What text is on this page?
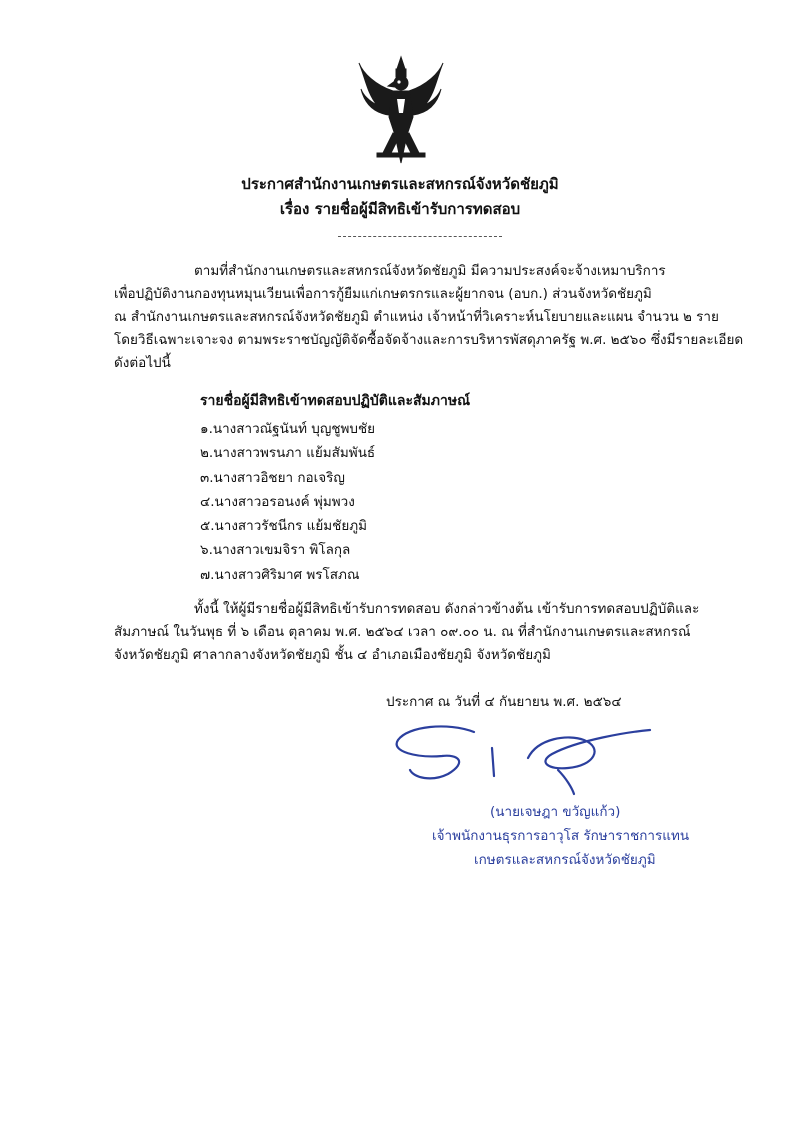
ประกาศสำนักงานเกษตรและสหกรณ์จังหวัดชัยภูมิ
เรื่อง รายชื่อผู้มีสิทธิเข้ารับการทดสอบ
ตามที่สำนักงานเกษตรและสหกรณ์จังหวัดชัยภูมิ มีความประสงค์จะจ้างเหมาบริการ
เพื่อปฏิบัติงานกองทุนหมุนเวียนเพื่อการกู้ยืมแก่เกษตรกรและผู้ยากจน (อบก.) ส่วนจังหวัดชัยภูมิ
ณ สำนักงานเกษตรและสหกรณ์จังหวัดชัยภูมิ ตำแหน่ง เจ้าหน้าที่วิเคราะห์นโยบายและแผน จำนวน ๒ ราย
โดยวิธีเฉพาะเจาะจง ตามพระราชบัญญัติจัดซื้อจัดจ้างและการบริหารพัสดุภาครัฐ พ.ศ. ๒๕๖๐ ซึ่งมีรายละเอียด
ดังต่อไปนี้
รายชื่อผู้มีสิทธิเข้าทดสอบปฏิบัติและสัมภาษณ์
๑.นางสาวณัฐนันท์ บุญชูพบชัย
๒.นางสาวพรนภา แย้มสัมพันธ์
๓.นางสาวอิชยา กอเจริญ
๔.นางสาวอรอนงค์ พุ่มพวง
๕.นางสาวรัชนีกร แย้มชัยภูมิ
๖.นางสาวเขมจิรา พิโลกุล
๗.นางสาวศิริมาศ พรโสภณ
ทั้งนี้ ให้ผู้มีรายชื่อผู้มีสิทธิเข้ารับการทดสอบ ดังกล่าวข้างต้น เข้ารับการทดสอบปฏิบัติและ
สัมภาษณ์ ในวันพุธ ที่ ๖ เดือน ตุลาคม พ.ศ. ๒๕๖๔ เวลา ๐๙.๐๐ น. ณ ที่สำนักงานเกษตรและสหกรณ์
จังหวัดชัยภูมิ ศาลากลางจังหวัดชัยภูมิ ชั้น ๔ อำเภอเมืองชัยภูมิ จังหวัดชัยภูมิ
ประกาศ ณ วันที่ ๔ กันยายน พ.ศ. ๒๕๖๔
(นายเจษฎา ขวัญแก้ว)
เจ้าพนักงานธุรการอาวุโส รักษาราชการแทน
เกษตรและสหกรณ์จังหวัดชัยภูมิ
